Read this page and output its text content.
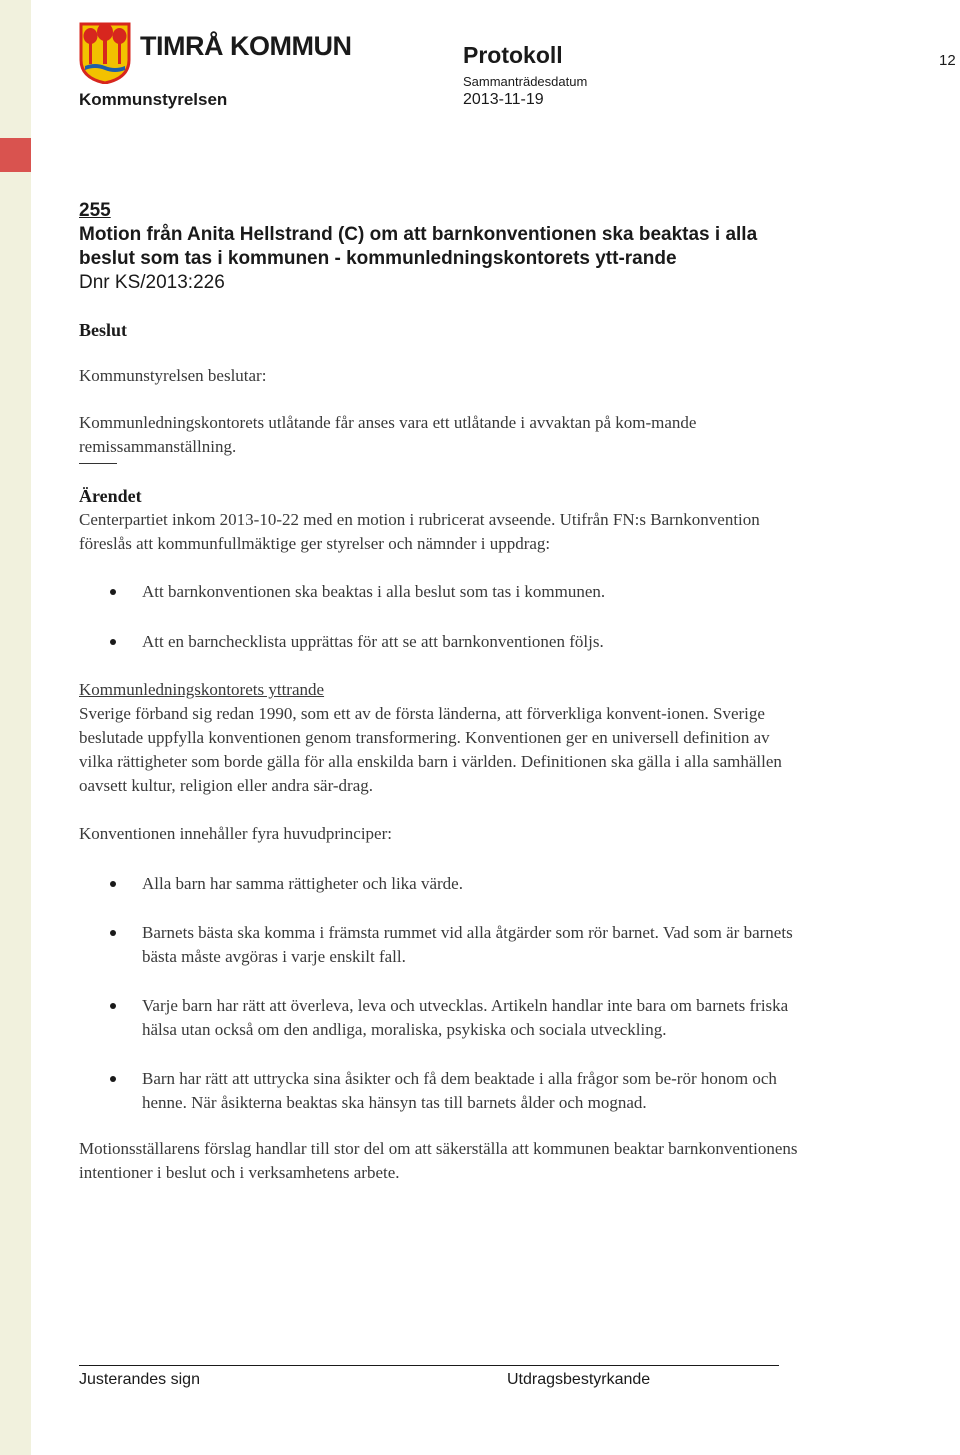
TIMRÅ KOMMUN
Kommunstyrelsen
Protokoll
Sammanträdesdatum
2013-11-19
12
255
Motion från Anita Hellstrand (C) om att barnkonventionen ska beaktas i alla beslut som tas i kommunen - kommunledningskontorets ytt-rande
Dnr KS/2013:226
Beslut

Kommunstyrelsen beslutar:

Kommunledningskontorets utlåtande får anses vara ett utlåtande i avvaktan på kom-mande remissammanställning.

Ärendet

Centerpartiet inkom 2013-10-22 med en motion i rubricerat avseende. Utifrån FN:s Barnkonvention föreslås att kommunfullmäktige ger styrelser och nämnder i uppdrag:

Att barnkonventionen ska beaktas i alla beslut som tas i kommunen.
Att en barnchecklista upprättas för att se att barnkonventionen följs.

Kommunledningskontorets yttrande

Sverige förband sig redan 1990, som ett av de första länderna, att förverkliga konvent-ionen. Sverige beslutade uppfylla konventionen genom transformering. Konventionen ger en universell definition av vilka rättigheter som borde gälla för alla enskilda barn i världen. Definitionen ska gälla i alla samhällen oavsett kultur, religion eller andra sär-drag.

Konventionen innehåller fyra huvudprinciper:

Alla barn har samma rättigheter och lika värde.
Barnets bästa ska komma i främsta rummet vid alla åtgärder som rör barnet. Vad som är barnets bästa måste avgöras i varje enskilt fall.
Varje barn har rätt att överleva, leva och utvecklas. Artikeln handlar inte bara om barnets friska hälsa utan också om den andliga, moraliska, psykiska och sociala utveckling.
Barn har rätt att uttrycka sina åsikter och få dem beaktade i alla frågor som be-rör honom och henne. När åsikterna beaktas ska hänsyn tas till barnets ålder och mognad.

Motionsställarens förslag handlar till stor del om att säkerställa att kommunen beaktar barnkonventionens intentioner i beslut och i verksamhetens arbete.

Justerandes sign	Utdragsbestyrkande
